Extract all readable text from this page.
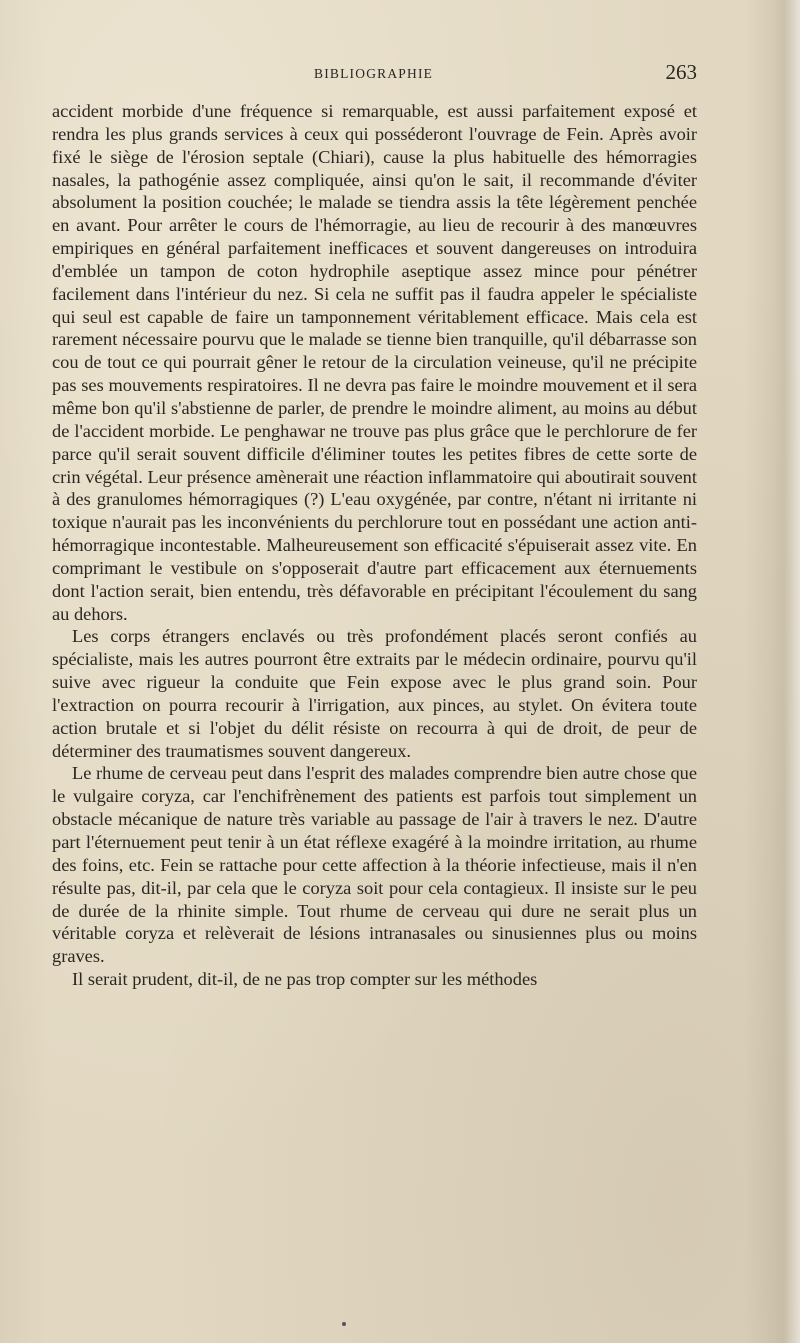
BIBLIOGRAPHIE	263

accident morbide d'une fréquence si remarquable, est aussi parfaitement exposé et rendra les plus grands services à ceux qui posséderont l'ouvrage de Fein. Après avoir fixé le siège de l'érosion septale (Chiari), cause la plus habituelle des hémorragies nasales, la pathogénie assez compliquée, ainsi qu'on le sait, il recommande d'éviter absolument la position couchée; le malade se tiendra assis la tête légèrement penchée en avant. Pour arrêter le cours de l'hémorragie, au lieu de recourir à des manœuvres empiriques en général parfaitement inefficaces et souvent dangereuses on introduira d'emblée un tampon de coton hydrophile aseptique assez mince pour pénétrer facilement dans l'intérieur du nez. Si cela ne suffit pas il faudra appeler le spécialiste qui seul est capable de faire un tamponnement véritablement efficace. Mais cela est rarement nécessaire pourvu que le malade se tienne bien tranquille, qu'il débarrasse son cou de tout ce qui pourrait gêner le retour de la circulation veineuse, qu'il ne précipite pas ses mouvements respiratoires. Il ne devra pas faire le moindre mouvement et il sera même bon qu'il s'abstienne de parler, de prendre le moindre aliment, au moins au début de l'accident morbide. Le penghawar ne trouve pas plus grâce que le perchlorure de fer parce qu'il serait souvent difficile d'éliminer toutes les petites fibres de cette sorte de crin végétal. Leur présence amènerait une réaction inflammatoire qui aboutirait souvent à des granulomes hémorragiques (?) L'eau oxygénée, par contre, n'étant ni irritante ni toxique n'aurait pas les inconvénients du perchlorure tout en possédant une action anti-hémorragique incontestable. Malheureusement son efficacité s'épuiserait assez vite. En comprimant le vestibule on s'opposerait d'autre part efficacement aux éternuements dont l'action serait, bien entendu, très défavorable en précipitant l'écoulement du sang au dehors.

Les corps étrangers enclavés ou très profondément placés seront confiés au spécialiste, mais les autres pourront être extraits par le médecin ordinaire, pourvu qu'il suive avec rigueur la conduite que Fein expose avec le plus grand soin. Pour l'extraction on pourra recourir à l'irrigation, aux pinces, au stylet. On évitera toute action brutale et si l'objet du délit résiste on recourra à qui de droit, de peur de déterminer des traumatismes souvent dangereux.

Le rhume de cerveau peut dans l'esprit des malades comprendre bien autre chose que le vulgaire coryza, car l'enchifrènement des patients est parfois tout simplement un obstacle mécanique de nature très variable au passage de l'air à travers le nez. D'autre part l'éternuement peut tenir à un état réflexe exagéré à la moindre irritation, au rhume des foins, etc. Fein se rattache pour cette affection à la théorie infectieuse, mais il n'en résulte pas, dit-il, par cela que le coryza soit pour cela contagieux. Il insiste sur le peu de durée de la rhinite simple. Tout rhume de cerveau qui dure ne serait plus un véritable coryza et relèverait de lésions intranasales ou sinusiennes plus ou moins graves.

Il serait prudent, dit-il, de ne pas trop compter sur les méthodes
